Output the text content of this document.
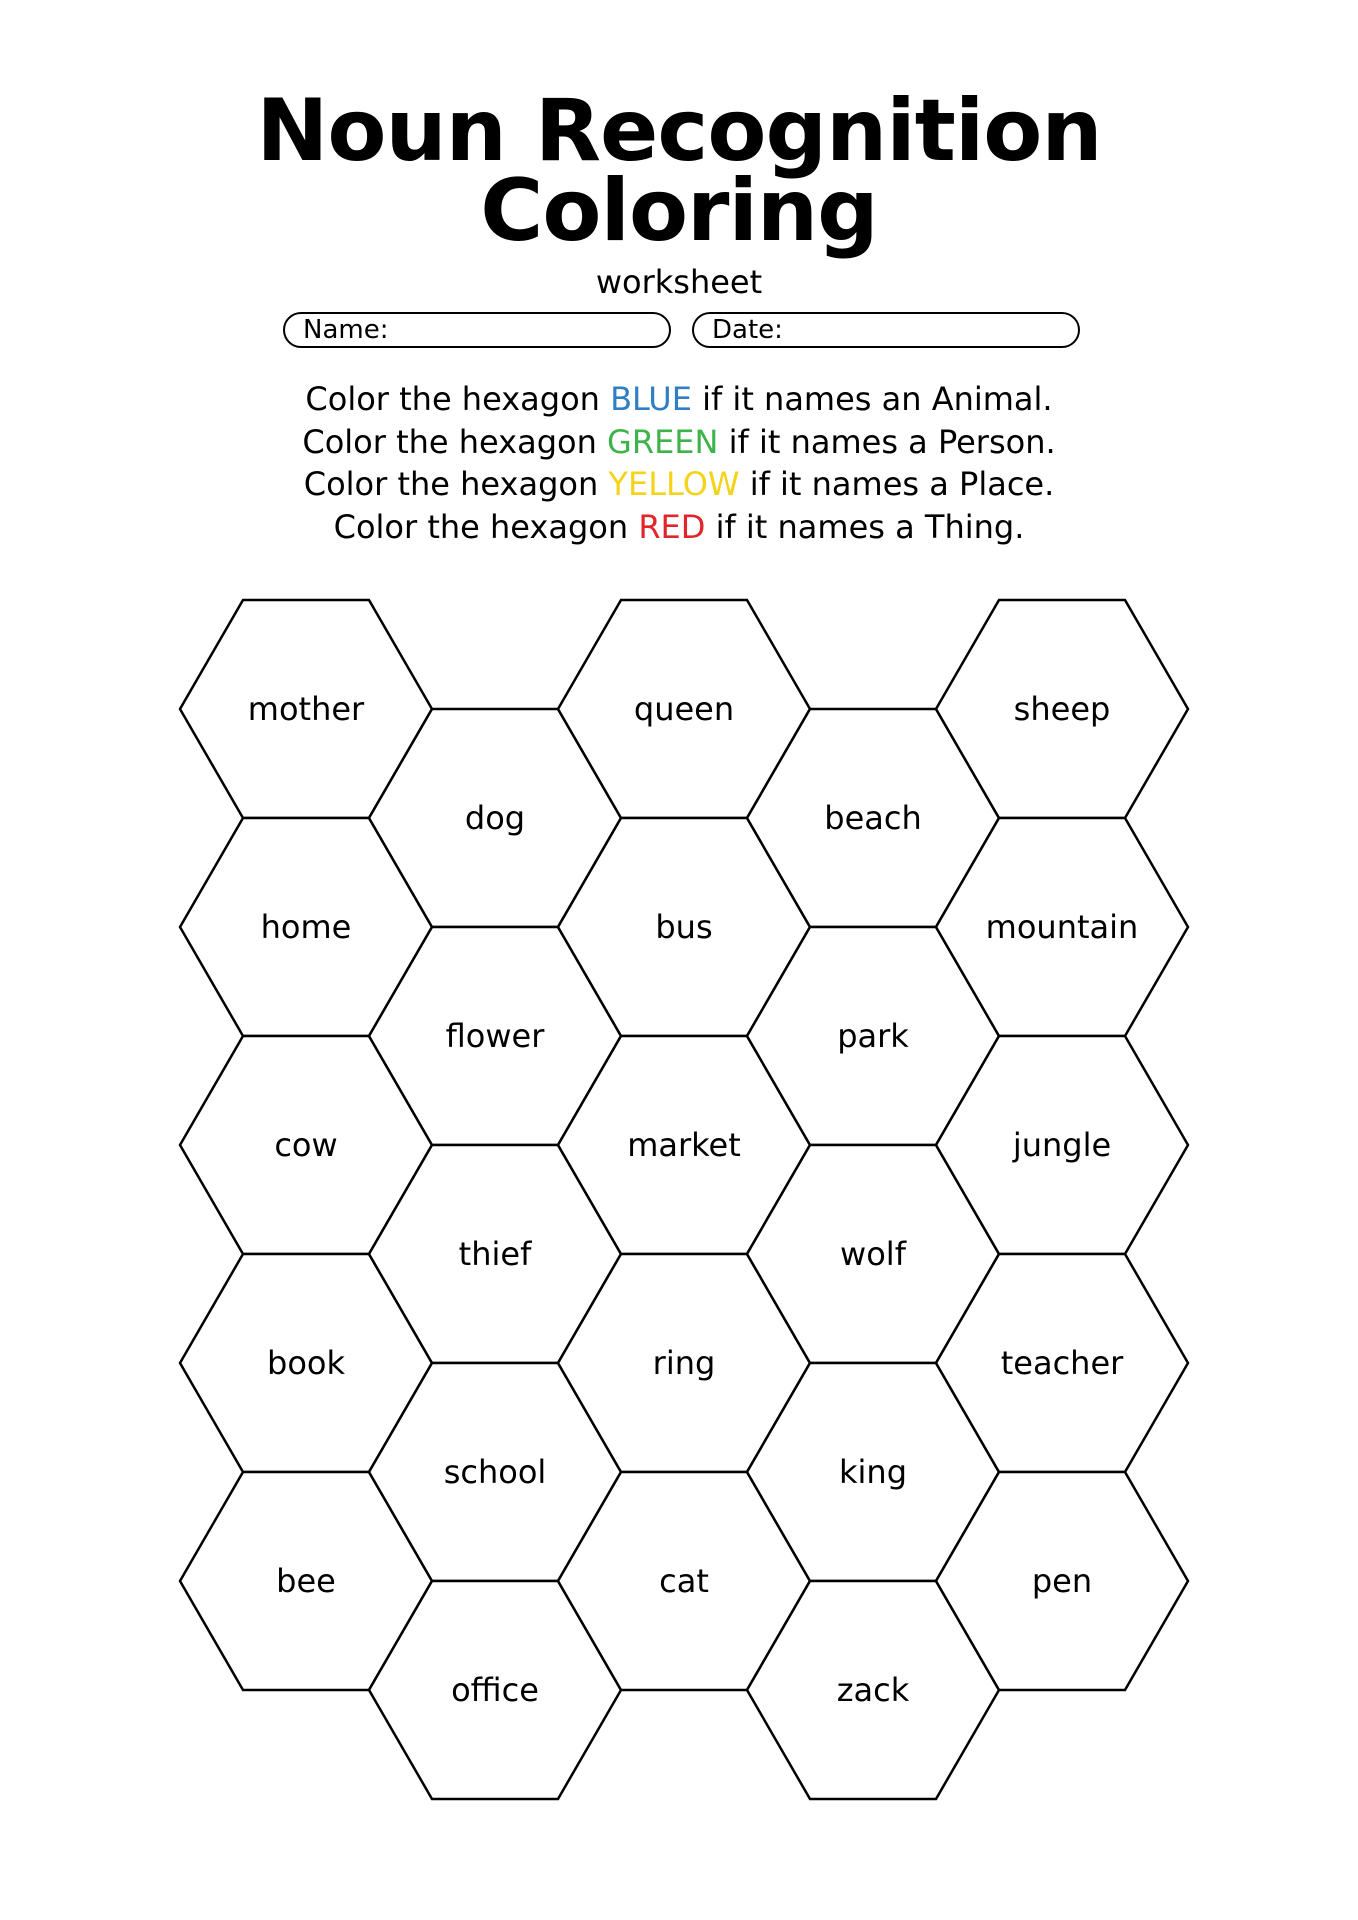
Noun Recognition
Coloring
worksheet
Name:	Date:
Color the hexagon BLUE if it names an Animal.
Color the hexagon GREEN if it names a Person.
Color the hexagon YELLOW if it names a Place.
Color the hexagon RED if it names a Thing.
mother
home
cow
book
bee
dog
flower
thief
school
office
queen
bus
market
ring
cat
beach
park
wolf
king
zack
sheep
mountain
jungle
teacher
pen
